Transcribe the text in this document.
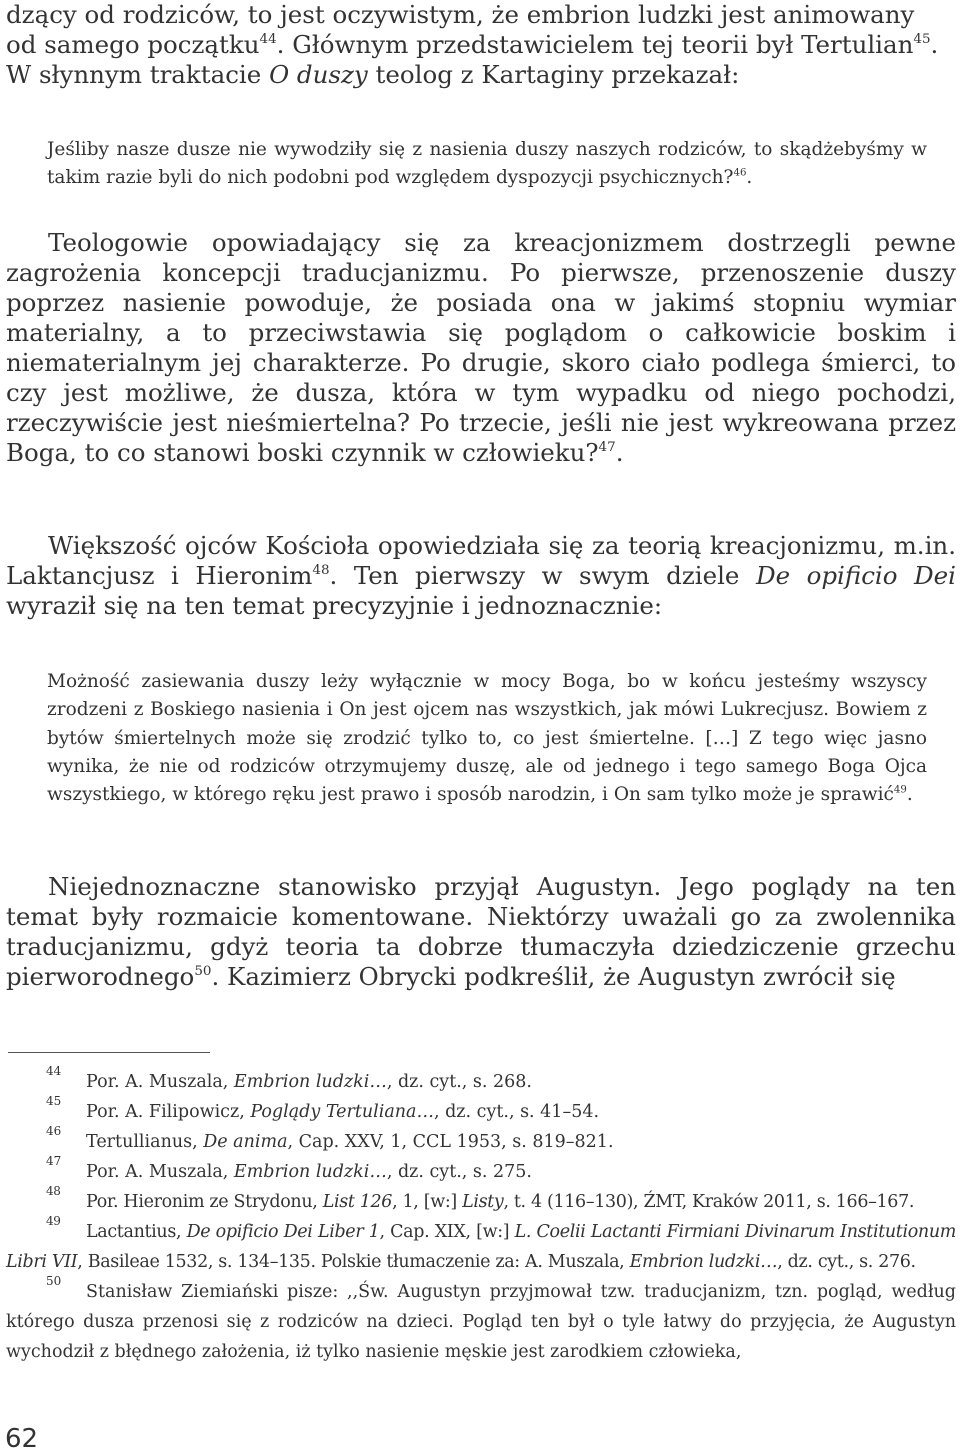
dzący od rodziców, to jest oczywistym, że embrion ludzki jest animowany
od samego początku$^{44}$. Głównym przedstawicielem tej teorii był Tertulian$^{45}$.
W słynnym traktacie O duszy teolog z Kartaginy przekazał:

Jeśliby nasze dusze nie wywodziły się z nasienia duszy naszych rodziców, to skądżebyśmy w takim razie byli do nich podobni pod względem dyspozycji psychicznych?$^{46}$.

Teologowie opowiadający się za kreacjonizmem dostrzegli pewne zagrożenia koncepcji traducjanizmu. Po pierwsze, przenoszenie duszy poprzez nasienie powoduje, że posiada ona w jakimś stopniu wymiar materialny, a to przeciwstawia się poglądom o całkowicie boskim i niematerialnym jej charakterze. Po drugie, skoro ciało podlega śmierci, to czy jest możliwe, że dusza, która w tym wypadku od niego pochodzi, rzeczywiście jest nieśmiertelna? Po trzecie, jeśli nie jest wykreowana przez Boga, to co stanowi boski czynnik w człowieku?$^{47}$.

Większość ojców Kościoła opowiedziała się za teorią kreacjonizmu, m.in. Laktancjusz i Hieronim$^{48}$. Ten pierwszy w swym dziele De opificio Dei wyraził się na ten temat precyzyjnie i jednoznacznie:

Możność zasiewania duszy leży wyłącznie w mocy Boga, bo w końcu jesteśmy wszyscy zrodzeni z Boskiego nasienia i On jest ojcem nas wszystkich, jak mówi Lukrecjusz. Bowiem z bytów śmiertelnych może się zrodzić tylko to, co jest śmiertelne. […] Z tego więc jasno wynika, że nie od rodziców otrzymujemy duszę, ale od jednego i tego samego Boga Ojca wszystkiego, w którego ręku jest prawo i sposób narodzin, i On sam tylko może je sprawić$^{49}$.

Niejednoznaczne stanowisko przyjął Augustyn. Jego poglądy na ten temat były rozmaicie komentowane. Niektórzy uważali go za zwolennika traducjanizmu, gdyż teoria ta dobrze tłumaczyła dziedziczenie grzechu pierworodnego$^{50}$. Kazimierz Obrycki podkreślił, że Augustyn zwrócił się

44
Por. A. Muszala, Embrion ludzki…, dz. cyt., s. 268.

45
Por. A. Filipowicz, Poglądy Tertuliana…, dz. cyt., s. 41–54.

46
Tertullianus, De anima, Cap. XXV, 1, CCL 1953, s. 819–821.

47
Por. A. Muszala, Embrion ludzki…, dz. cyt., s. 275.

48
Por. Hieronim ze Strydonu, List 126, 1, [w:] Listy, t. 4 (116–130), ŹMT, Kraków 2011, s. 166–167.

49
Lactantius, De opificio Dei Liber 1, Cap. XIX, [w:] L. Coelii Lactanti Firmiani Divinarum Institutionum Libri VII, Basileae 1532, s. 134–135. Polskie tłumaczenie za: A. Muszala, Embrion ludzki…, dz. cyt., s. 276.

50
Stanisław Ziemiański pisze: ,,Św. Augustyn przyjmował tzw. traducjanizm, tzn. pogląd, według którego dusza przenosi się z rodziców na dzieci. Pogląd ten był o tyle łatwy do przyjęcia, że Augustyn wychodził z błędnego założenia, iż tylko nasienie męskie jest zarodkiem człowieka,

62
